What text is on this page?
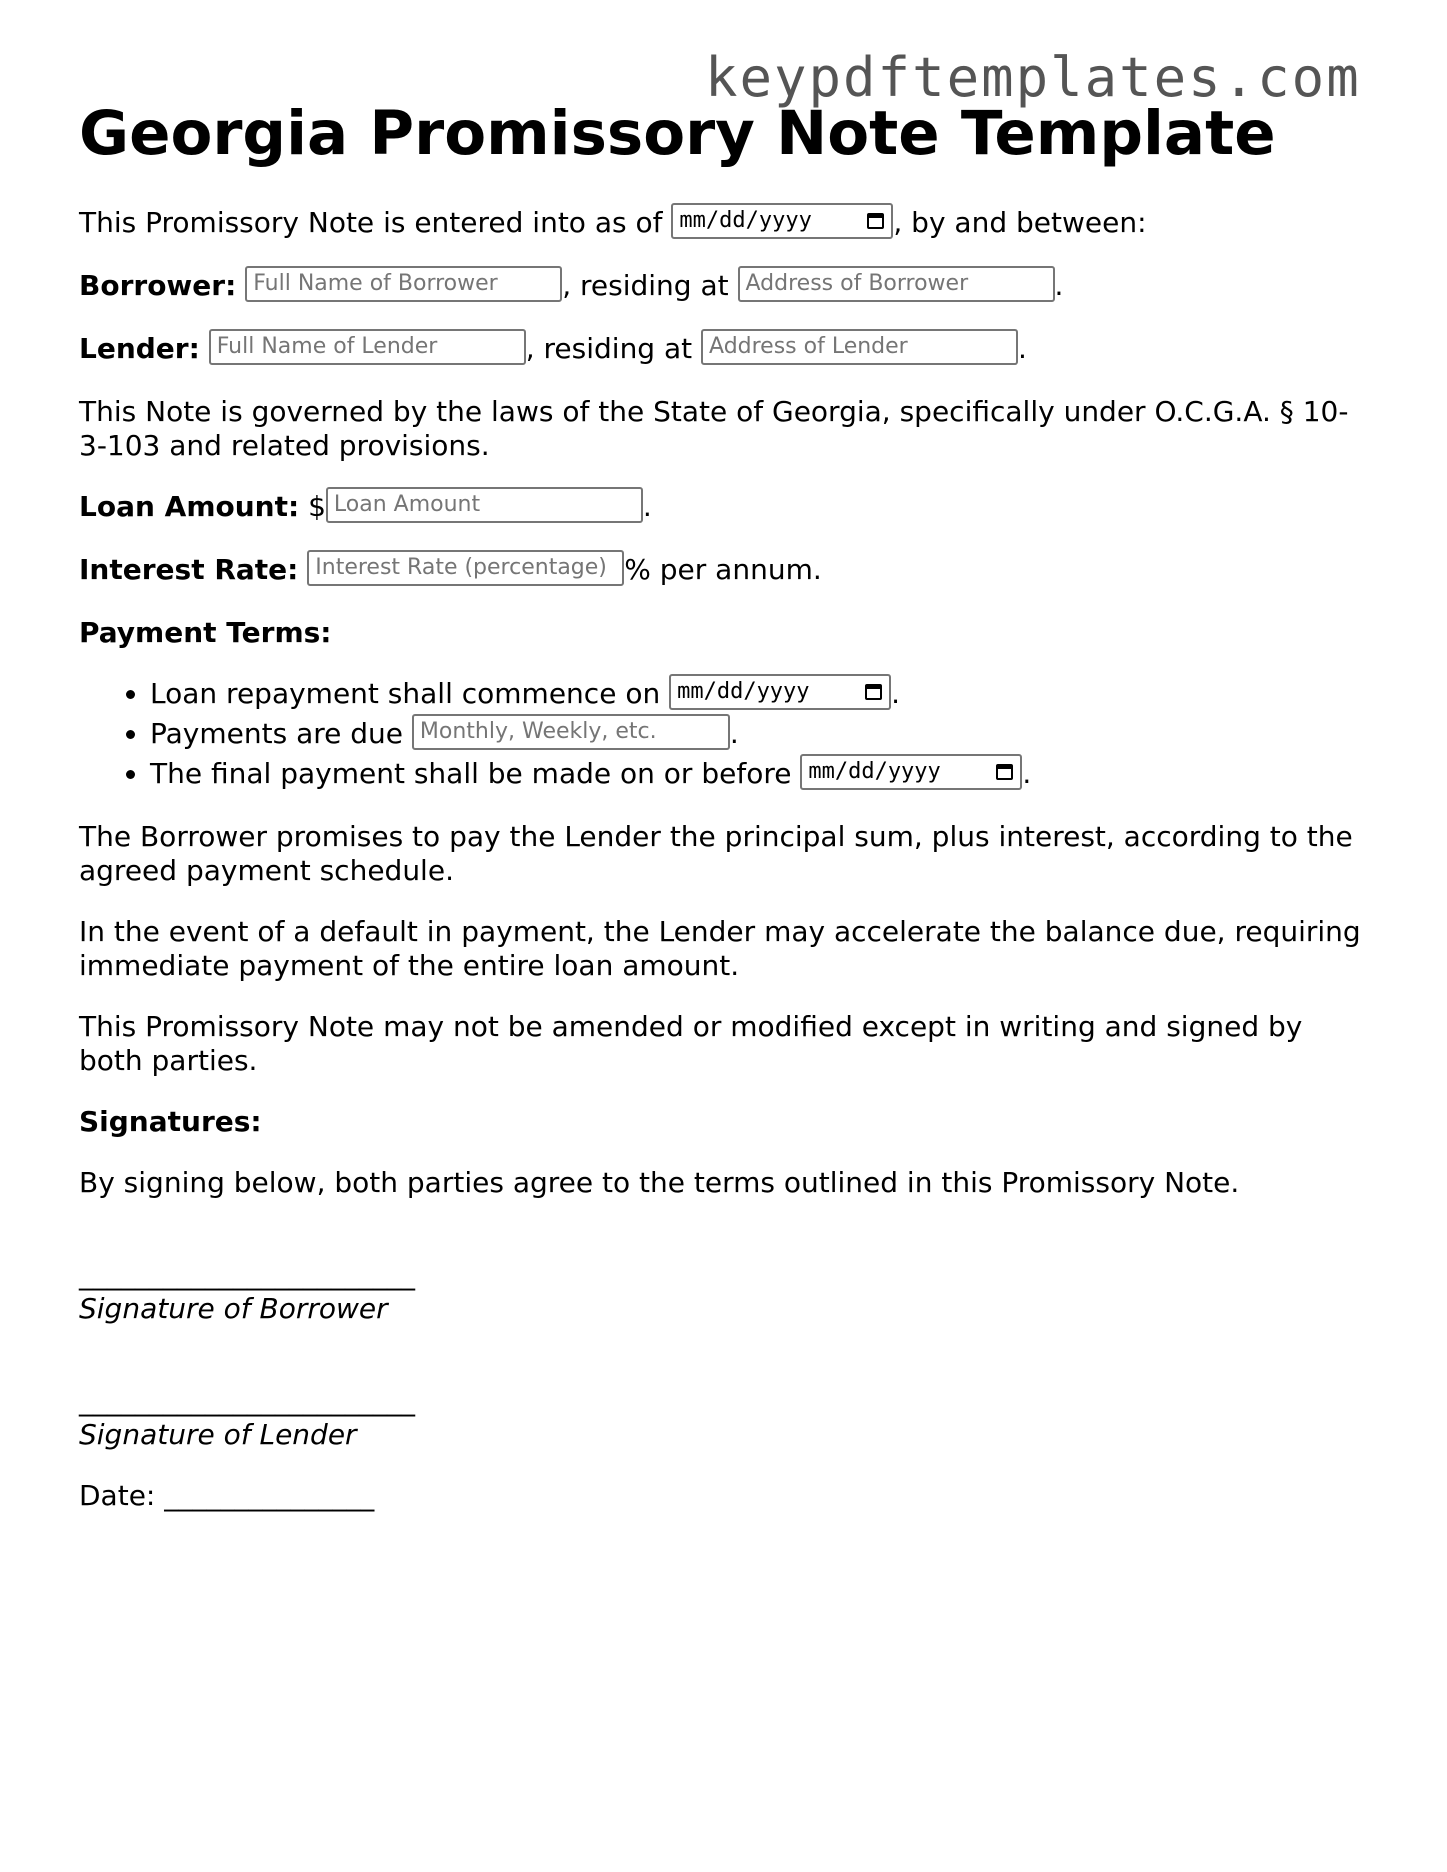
keypdftemplates.com
Georgia Promissory Note Template

This Promissory Note is entered into as of mm/dd/yyyy	, by and between:

Borrower: Full Name of Borrower , residing at Address of Borrower	.

Lender: Full Name of Lender	, residing at Address of Lender	.

This Note is governed by the laws of the State of Georgia, specifically under O.C.G.A. § 10-3-103 and related provisions.

Loan Amount: $ Loan Amount	.

Interest Rate: Interest Rate (percentage) % per annum.

Payment Terms:

• Loan repayment shall commence on mm/dd/yyyy	.
• Payments are due Monthly, Weekly, etc.	.
• The final payment shall be made on or before mm/dd/yyyy	.

The Borrower promises to pay the Lender the principal sum, plus interest, according to the agreed payment schedule.

In the event of a default in payment, the Lender may accelerate the balance due, requiring immediate payment of the entire loan amount.

This Promissory Note may not be amended or modified except in writing and signed by both parties.

Signatures:

By signing below, both parties agree to the terms outlined in this Promissory Note.

________________________
Signature of Borrower
________________________
Signature of Lender
Date: _______________
